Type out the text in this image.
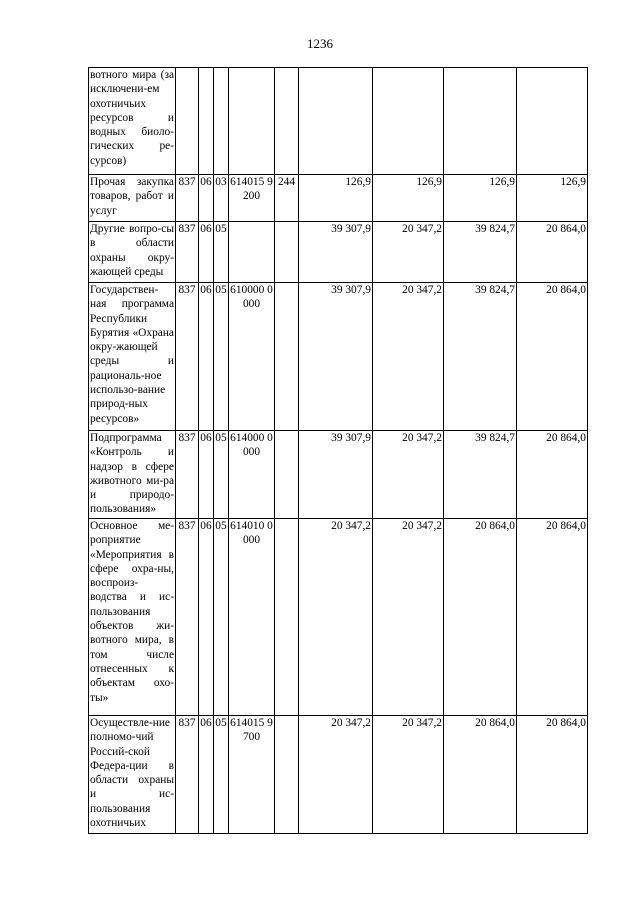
1236
вотного мира (за исключени-ем охотничьих ресурсов и водных биоло-гических ре-сурсов)									
Прочая закупка товаров, работ и услуг	837	06	03	614015 9200	244	126,9	126,9	126,9	126,9
Другие вопро-сы в области охраны окру-жающей среды	837	06	05			39 307,9	20 347,2	39 824,7	20 864,0
Государствен-ная программа Республики Бурятия «Охрана окру-жающей среды и рациональ-ное использо-вание природ-ных ресурсов»	837	06	05	610000 0000		39 307,9	20 347,2	39 824,7	20 864,0
Подпрограмма «Контроль и надзор в сфере животного ми-ра и природо-пользования»	837	06	05	614000 0000		39 307,9	20 347,2	39 824,7	20 864,0
Основное ме-роприятие «Мероприятия в сфере охра-ны, воспроиз-водства и ис-пользования объектов жи-вотного мира, в том числе отнесенных к объектам охо-ты»	837	06	05	614010 0000		20 347,2	20 347,2	20 864,0	20 864,0
Осуществле-ние полномо-чий Россий-ской Федера-ции в области охраны и ис-пользования охотничьих	837	06	05	614015 9700		20 347,2	20 347,2	20 864,0	20 864,0
